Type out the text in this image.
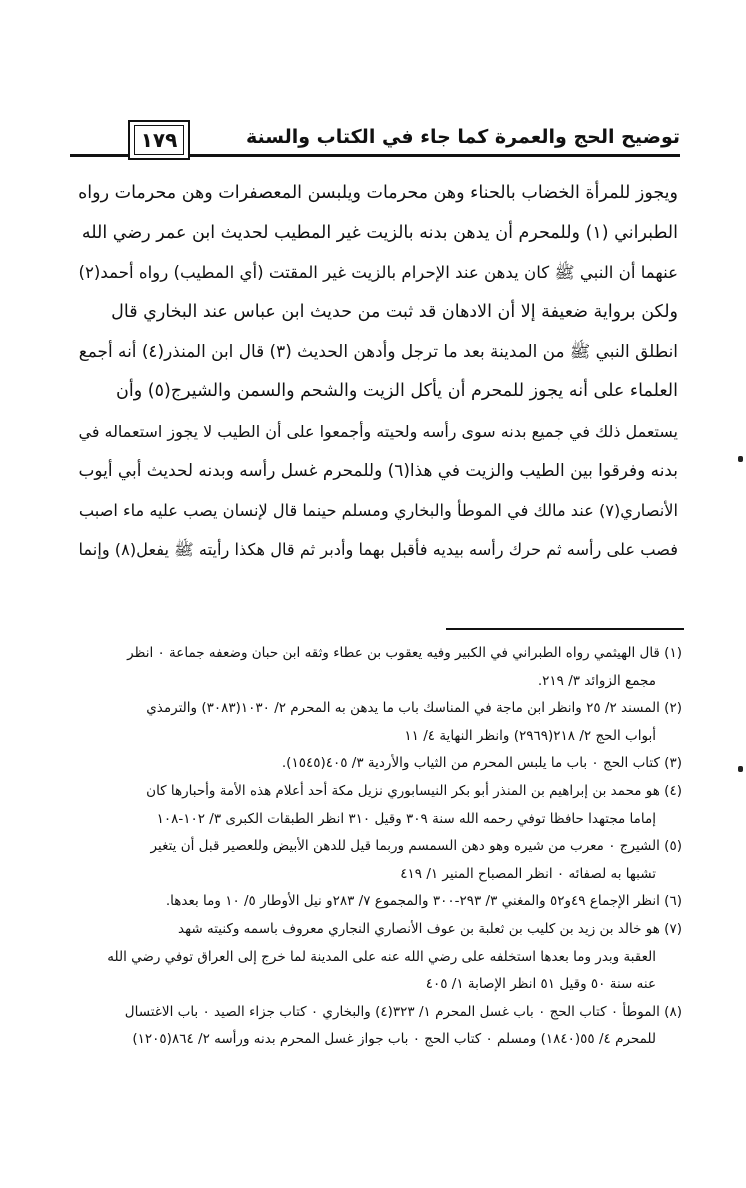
١٧٩	توضيح الحج والعمرة كما جاء في الكتاب والسنة
ويجوز للمرأة الخضاب بالحناء وهن محرمات ويلبسن المعصفرات وهن محرمات رواه
الطبراني (١) وللمحرم أن يدهن بدنه بالزيت غير المطيب لحديث ابن عمر رضي الله
عنهما أن النبي ﷺ كان يدهن عند الإحرام بالزيت غير المقتت (أي المطيب) رواه أحمد(٢)
ولكن برواية ضعيفة إلا أن الادهان قد ثبت من حديث ابن عباس عند البخاري قال
انطلق النبي ﷺ من المدينة بعد ما ترجل وأدهن الحديث (٣) قال ابن المنذر(٤) أنه أجمع
العلماء على أنه يجوز للمحرم أن يأكل الزيت والشحم والسمن والشيرج(٥) وأن
يستعمل ذلك في جميع بدنه سوى رأسه ولحيته وأجمعوا على أن الطيب لا يجوز استعماله في
بدنه وفرقوا بين الطيب والزيت في هذا(٦) وللمحرم غسل رأسه وبدنه لحديث أبي أيوب
الأنصاري(٧) عند مالك في الموطأ والبخاري ومسلم حينما قال لإنسان يصب عليه ماء اصبب
فصب على رأسه ثم حرك رأسه بيديه فأقبل بهما وأدبر ثم قال هكذا رأيته ﷺ يفعل(٨) وإنما
(١) قال الهيثمي رواه الطبراني في الكبير وفيه يعقوب بن عطاء وثقه ابن حبان وضعفه جماعة ٠ انظر
مجمع الزوائد ٣/ ٢١٩.
(٢) المسند ٢/ ٢٥ وانظر ابن ماجة في المناسك باب ما يدهن به المحرم ٢/ ١٠٣٠(٣٠٨٣) والترمذي
أبواب الحج ٢/ ٢١٨(٢٩٦٩) وانظر النهاية ٤/ ١١
(٣) كتاب الحج ٠ باب ما يلبس المحرم من الثياب والأردية ٣/ ٤٠٥(١٥٤٥).
(٤) هو محمد بن إبراهيم بن المنذر أبو بكر النيسابوري نزيل مكة أحد أعلام هذه الأمة وأحبارها كان
إماما مجتهدا حافظا توفي رحمه الله سنة ٣٠٩ وقيل ٣١٠ انظر الطبقات الكبرى ٣/ ١٠٢-١٠٨
(٥) الشيرج ٠ معرب من شيره وهو دهن السمسم وربما قيل للدهن الأبيض وللعصير قبل أن يتغير
تشبها به لصفائه ٠ انظر المصباح المنير ١/ ٤١٩
(٦) انظر الإجماع ٤٩و٥٢ والمغني ٣/ ٢٩٣-٣٠٠ والمجموع ٧/ ٢٨٣و نيل الأوطار ٥/ ١٠ وما بعدها.
(٧) هو خالد بن زيد بن كليب بن ثعلبة بن عوف الأنصاري النجاري معروف باسمه وكنيته شهد
العقبة وبدر وما بعدها استخلفه على رضي الله عنه على المدينة لما خرج إلى العراق توفي رضي الله
عنه سنة ٥٠ وقيل ٥١ انظر الإصابة ١/ ٤٠٥
(٨) الموطأ ٠ كتاب الحج ٠ باب غسل المحرم ١/ ٣٢٣(٤) والبخاري ٠ كتاب جزاء الصيد ٠ باب الاغتسال
للمحرم ٤/ ٥٥(١٨٤٠) ومسلم ٠ كتاب الحج ٠ باب جواز غسل المحرم بدنه ورأسه ٢/ ٨٦٤(١٢٠٥)
